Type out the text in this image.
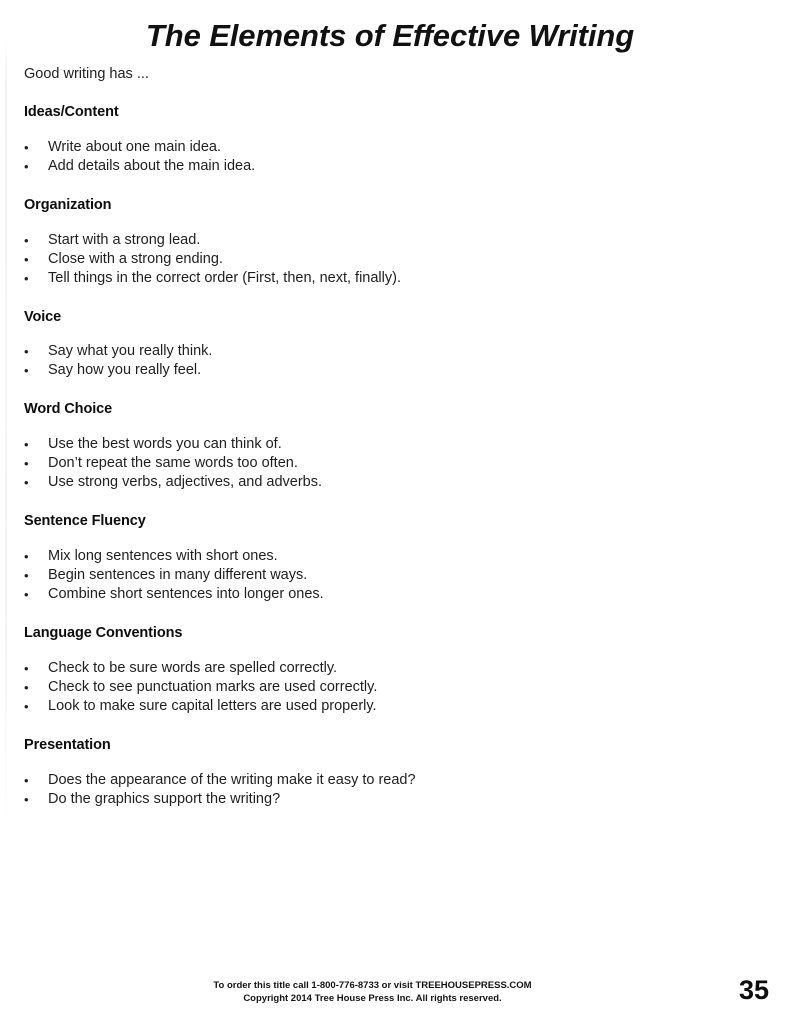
The Elements of Effective Writing

Good writing has ...

Ideas/Content
• Write about one main idea.
• Add details about the main idea.
Organization
• Start with a strong lead.
• Close with a strong ending.
• Tell things in the correct order (First, then, next, finally).
Voice
• Say what you really think.
• Say how you really feel.
Word Choice
• Use the best words you can think of.
• Don’t repeat the same words too often.
• Use strong verbs, adjectives, and adverbs.
Sentence Fluency
• Mix long sentences with short ones.
• Begin sentences in many different ways.
• Combine short sentences into longer ones.
Language Conventions
• Check to be sure words are spelled correctly.
• Check to see punctuation marks are used correctly.
• Look to make sure capital letters are used properly.
Presentation
• Does the appearance of the writing make it easy to read?
• Do the graphics support the writing?
To order this title call 1-800-776-8733 or visit TREEHOUSEPRESS.COM
Copyright 2014 Tree House Press Inc. All rights reserved.	35
